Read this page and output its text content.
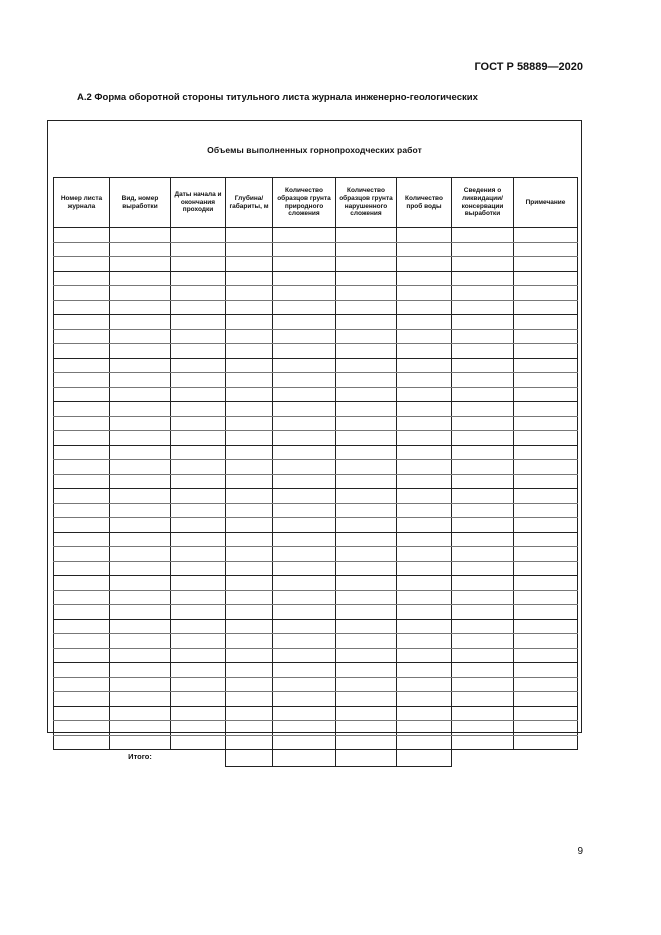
ГОСТ Р 58889—2020
А.2 Форма оборотной стороны титульного листа журнала инженерно-геологических
Объемы выполненных горнопроходческих работ
Номер листа журнала	Вид, номер выработки	Даты начала и окончания проходки	Глубина/ габариты, м	Количество образцов грунта природного сложения	Количество образцов грунта нарушенного сложения	Количество проб воды	Сведения о ликвидации/ консервации выработки	Примечание

	Итого:							
9
